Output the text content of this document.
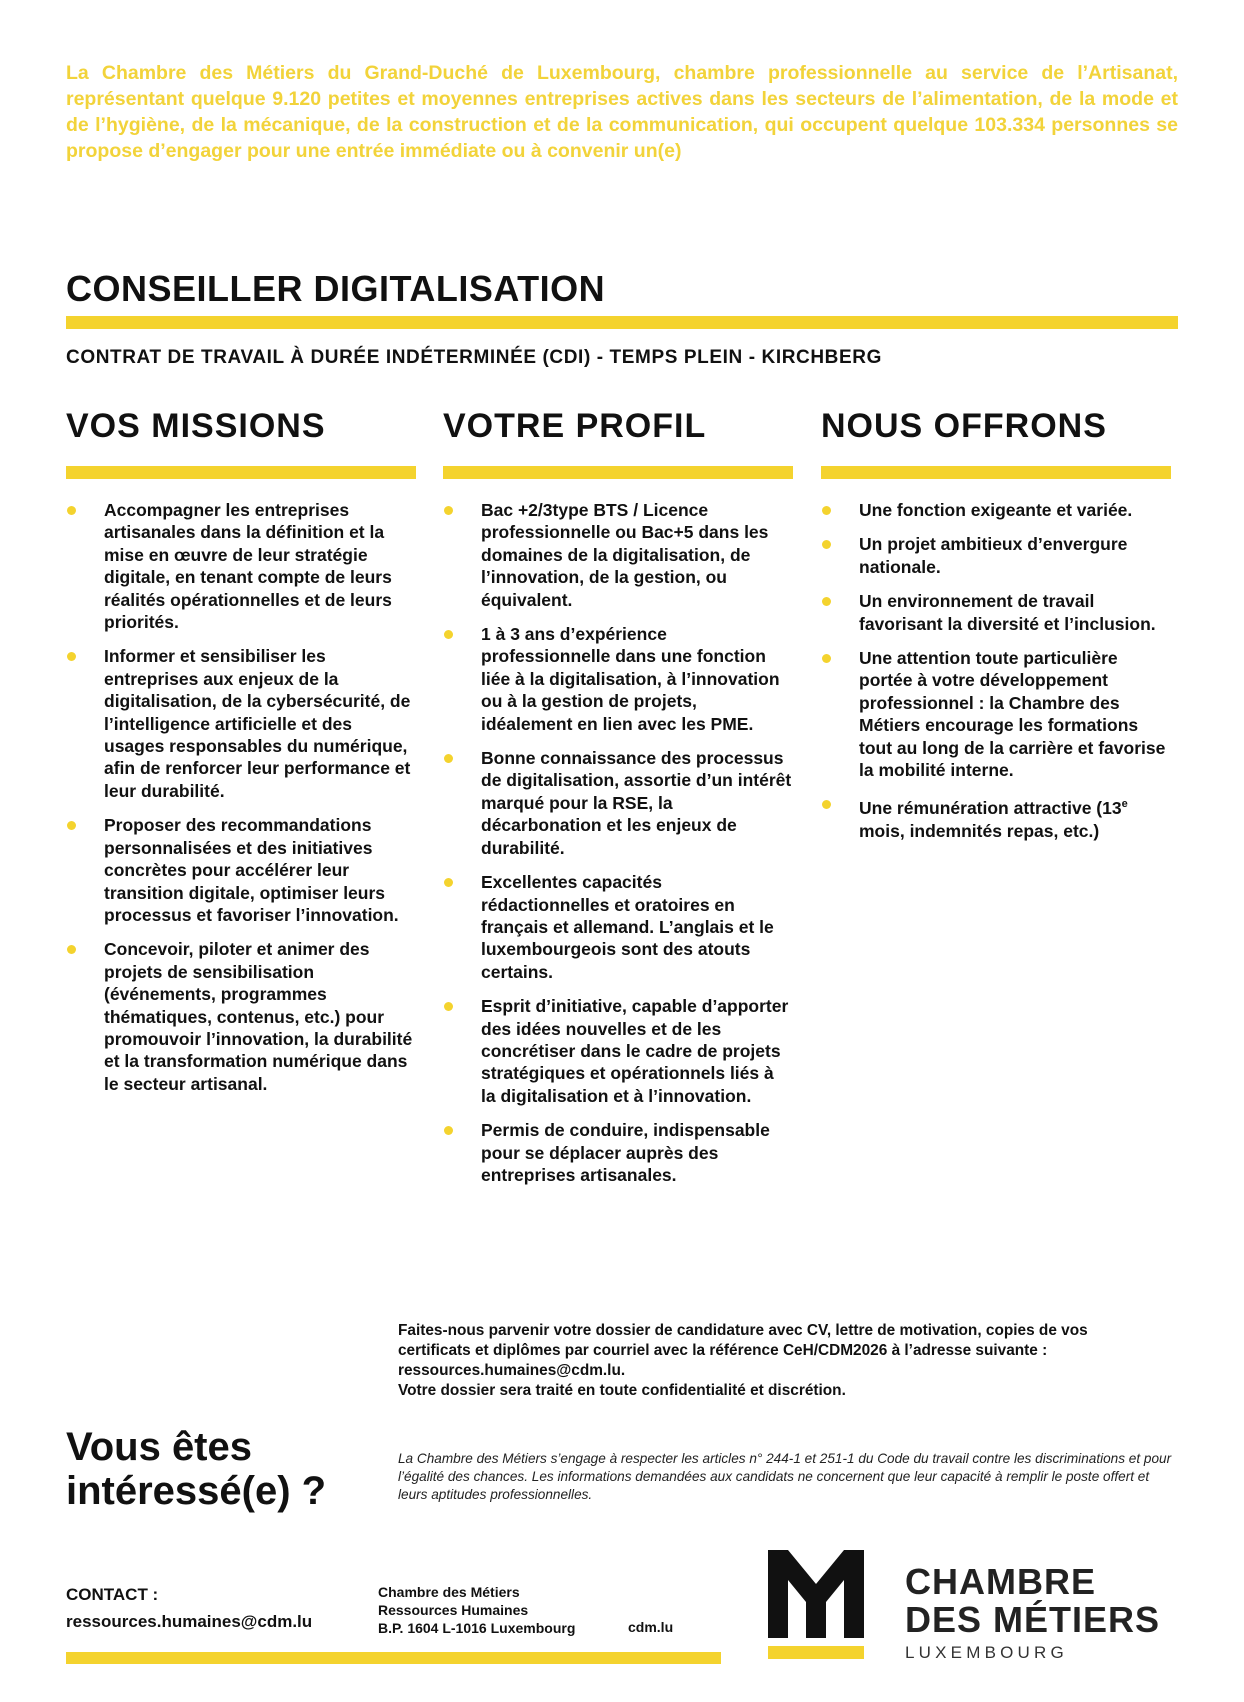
La Chambre des Métiers du Grand-Duché de Luxembourg, chambre professionnelle au service de l’Artisanat, représentant quelque 9.120 petites et moyennes entreprises actives dans les secteurs de l’alimentation, de la mode et de l’hygiène, de la mécanique, de la construction et de la communication, qui occupent quelque 103.334 personnes se propose d’engager pour une entrée immédiate ou à convenir un(e)
CONSEILLER DIGITALISATION
CONTRAT DE TRAVAIL À DURÉE INDÉTERMINÉE (CDI) - TEMPS PLEIN - KIRCHBERG
VOS MISSIONS
Accompagner les entreprises artisanales dans la définition et la mise en œuvre de leur stratégie digitale, en tenant compte de leurs réalités opérationnelles et de leurs priorités.
Informer et sensibiliser les entreprises aux enjeux de la digitalisation, de la cybersécurité, de l’intelligence artificielle et des usages responsables du numérique, afin de renforcer leur performance et leur durabilité.
Proposer des recommandations personnalisées et des initiatives concrètes pour accélérer leur transition digitale, optimiser leurs processus et favoriser l’innovation.
Concevoir, piloter et animer des projets de sensibilisation (événements, programmes thématiques, contenus, etc.) pour promouvoir l’innovation, la durabilité et la transformation numérique dans le secteur artisanal.
VOTRE PROFIL
Bac +2/3type BTS / Licence professionnelle ou Bac+5 dans les domaines de la digitalisation, de l’innovation, de la gestion, ou équivalent.
1 à 3 ans d’expérience professionnelle dans une fonction liée à la digitalisation, à l’innovation ou à la gestion de projets, idéalement en lien avec les PME.
Bonne connaissance des processus de digitalisation, assortie d’un intérêt marqué pour la RSE, la décarbonation et les enjeux de durabilité.
Excellentes capacités rédactionnelles et oratoires en français et allemand. L’anglais et le luxembourgeois sont des atouts certains.
Esprit d’initiative, capable d’apporter des idées nouvelles et de les concrétiser dans le cadre de projets stratégiques et opérationnels liés à la digitalisation et à l’innovation.
Permis de conduire, indispensable pour se déplacer auprès des entreprises artisanales.
NOUS OFFRONS
Une fonction exigeante et variée.
Un projet ambitieux d’envergure nationale.
Un environnement de travail favorisant la diversité et l’inclusion.
Une attention toute particulière portée à votre développement professionnel : la Chambre des Métiers encourage les formations tout au long de la carrière et favorise la mobilité interne.
Une rémunération attractive (13e mois, indemnités repas, etc.)
Faites-nous parvenir votre dossier de candidature avec CV, lettre de motivation, copies de vos
certificats et diplômes par courriel avec la référence CeH/CDM2026 à l’adresse suivante :
ressources.humaines@cdm.lu.
Votre dossier sera traité en toute confidentialité et discrétion.
La Chambre des Métiers s’engage à respecter les articles n° 244-1 et 251-1 du Code du travail contre les discriminations et pour l’égalité des chances. Les informations demandées aux candidats ne concernent que leur capacité à remplir le poste offert et leurs aptitudes professionnelles.
Vous êtes
intéressé(e) ?
CONTACT :
ressources.humaines@cdm.lu
Chambre des Métiers
Ressources Humaines
B.P. 1604 L-1016 Luxembourg	cdm.lu
CHAMBRE
DES MÉTIERS
LUXEMBOURG
